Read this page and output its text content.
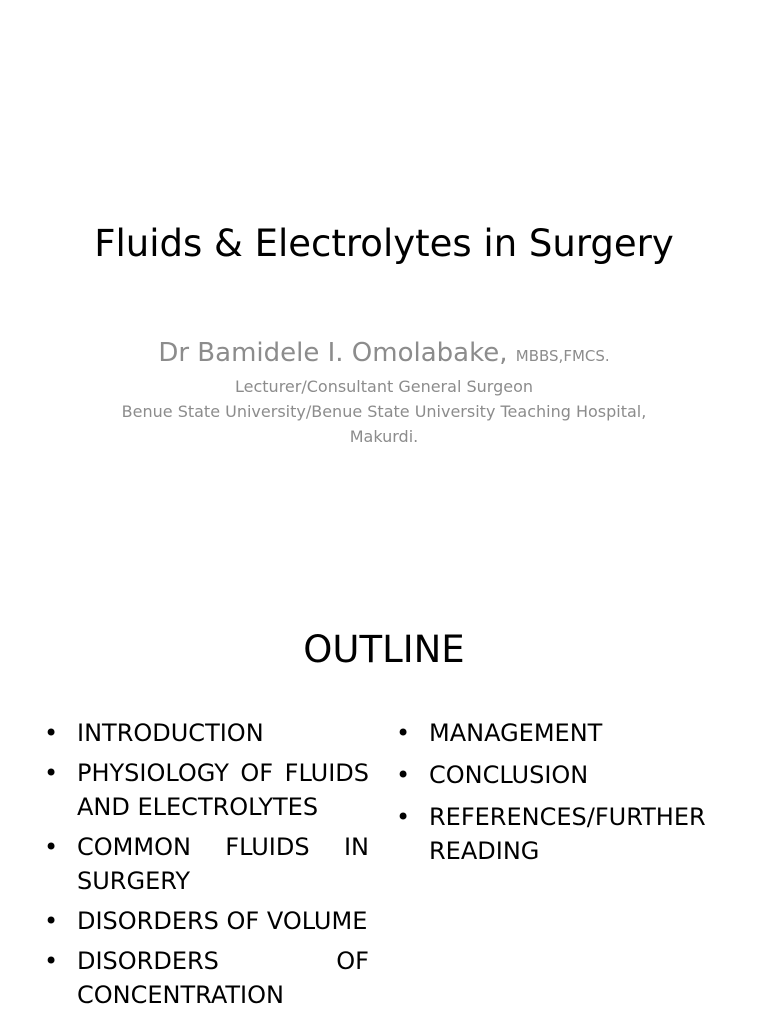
Fluids & Electrolytes in Surgery

Dr Bamidele I. Omolabake, MBBS,FMCS.

Lecturer/Consultant General Surgeon

Benue State University/Benue State University Teaching Hospital,

Makurdi.

OUTLINE
• INTRODUCTION
• PHYSIOLOGY OF FLUIDS
AND ELECTROLYTES
• COMMON FLUIDS IN
SURGERY
• DISORDERS OF VOLUME
• DISORDERS OF
CONCENTRATION
• MANAGEMENT
• CONCLUSION
• REFERENCES/FURTHER
READING
